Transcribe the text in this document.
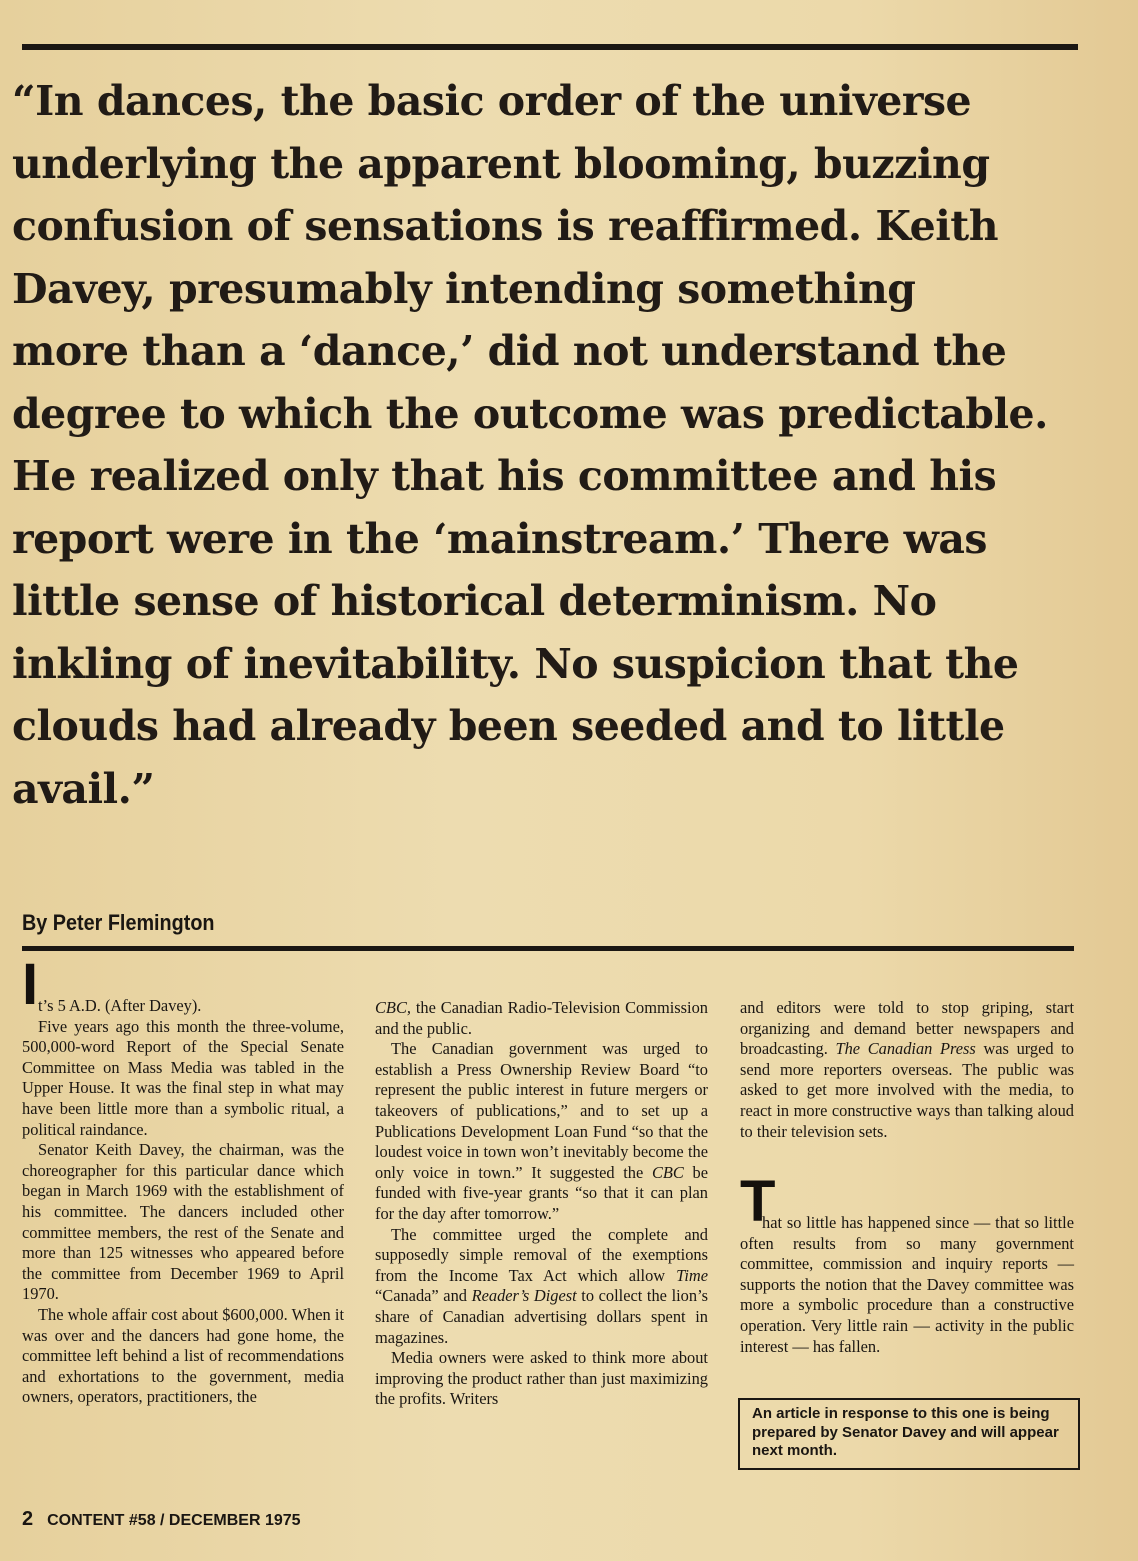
“In dances, the basic order of the universe
underlying the apparent blooming, buzzing
confusion of sensations is reaffirmed. Keith
Davey, presumably intending something
more than a ‘dance,’ did not understand the
degree to which the outcome was predictable.
He realized only that his committee and his
report were in the ‘mainstream.’ There was
little sense of historical determinism. No
inkling of inevitability. No suspicion that the
clouds had already been seeded and to little
avail.”
By Peter Flemington
I t’s 5 A.D. (After Davey).

Five years ago this month the three-volume, 500,000-word Report of the Special Senate Committee on Mass Media was tabled in the Upper House. It was the final step in what may have been little more than a symbolic ritual, a political raindance.

Senator Keith Davey, the chairman, was the choreographer for this particular dance which began in March 1969 with the establishment of his committee. The dancers included other committee members, the rest of the Senate and more than 125 witnesses who appeared before the committee from December 1969 to April 1970.

The whole affair cost about $600,000. When it was over and the dancers had gone home, the committee left behind a list of recommendations and exhortations to the government, media owners, operators, practitioners, the

CBC, the Canadian Radio-Television Commission and the public.

The Canadian government was urged to establish a Press Ownership Review Board “to represent the public interest in future mergers or takeovers of publications,” and to set up a Publications Development Loan Fund “so that the loudest voice in town won’t inevitably become the only voice in town.” It suggested the CBC be funded with five-year grants “so that it can plan for the day after tomorrow.”

The committee urged the complete and supposedly simple removal of the exemptions from the Income Tax Act which allow Time “Canada” and Reader’s Digest to collect the lion’s share of Canadian advertising dollars spent in magazines.

Media owners were asked to think more about improving the product rather than just maximizing the profits. Writers

and editors were told to stop griping, start organizing and demand better newspapers and broadcasting. The Canadian Press was urged to send more reporters overseas. The public was asked to get more involved with the media, to react in more constructive ways than talking aloud to their television sets.

hat so little has happened since — that so little often results from so many government committee, commission and inquiry reports — supports the notion that the Davey committee was more a symbolic procedure than a constructive operation. Very little rain — activity in the public interest — has fallen.

T
An article in response to this one is being prepared by Senator Davey and will appear next month.
2 CONTENT #58 / DECEMBER 1975
